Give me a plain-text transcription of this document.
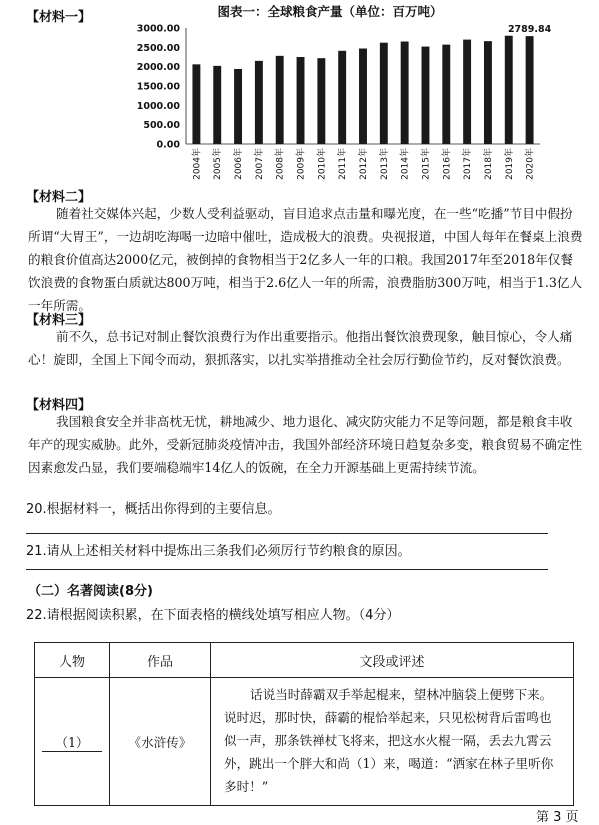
【材料一】	图表一：全球粮食产量（单位：百万吨）
0.00
500.00
1000.00
1500.00
2000.00
2500.00
3000.00
2004年 2005年 2006年 2007年 2008年 2009年 2010年 2011年 2012年 2013年 2014年 2015年 2016年 2017年 2018年 2019年 2020年
2789.84
【材料二】

随着社交媒体兴起，少数人受利益驱动，盲目追求点击量和曝光度，在一些“吃播”节目中假扮所谓“大胃王”，一边胡吃海喝一边暗中催吐，造成极大的浪费。央视报道，中国人每年在餐桌上浪费的粮食价值高达2000亿元，被倒掉的食物相当于2亿多人一年的口粮。我国2017年至2018年仅餐饮浪费的食物蛋白质就达800万吨，相当于2.6亿人一年的所需，浪费脂肪300万吨，相当于1.3亿人一年所需。

【材料三】

前不久，总书记对制止餐饮浪费行为作出重要指示。他指出餐饮浪费现象，触目惊心，令人痛心！旋即，全国上下闻令而动，狠抓落实，以扎实举措推动全社会厉行勤俭节约，反对餐饮浪费。

【材料四】

我国粮食安全并非高枕无忧，耕地减少、地力退化、减灾防灾能力不足等问题，都是粮食丰收年产的现实威胁。此外，受新冠肺炎疫情冲击，我国外部经济环境日趋复杂多变，粮食贸易不确定性因素愈发凸显，我们要端稳端牢14亿人的饭碗，在全力开源基础上更需持续节流。

20.根据材料一，概括出你得到的主要信息。
21.请从上述相关材料中提炼出三条我们必须厉行节约粮食的原因。
（二）名著阅读(8分)
22.请根据阅读积累，在下面表格的横线处填写相应人物。（4分）
人物	作品	文段或评述
（1）	《水浒传》	话说当时薛霸双手举起棍来，望林冲脑袋上便劈下来。说时迟，那时快，薛霸的棍恰举起来，只见松树背后雷鸣也似一声，那条铁禅杖飞将来，把这水火棍一隔，丢去九霄云外，跳出一个胖大和尚（1）来，喝道：“洒家在林子里听你多时！”

第 3 页
